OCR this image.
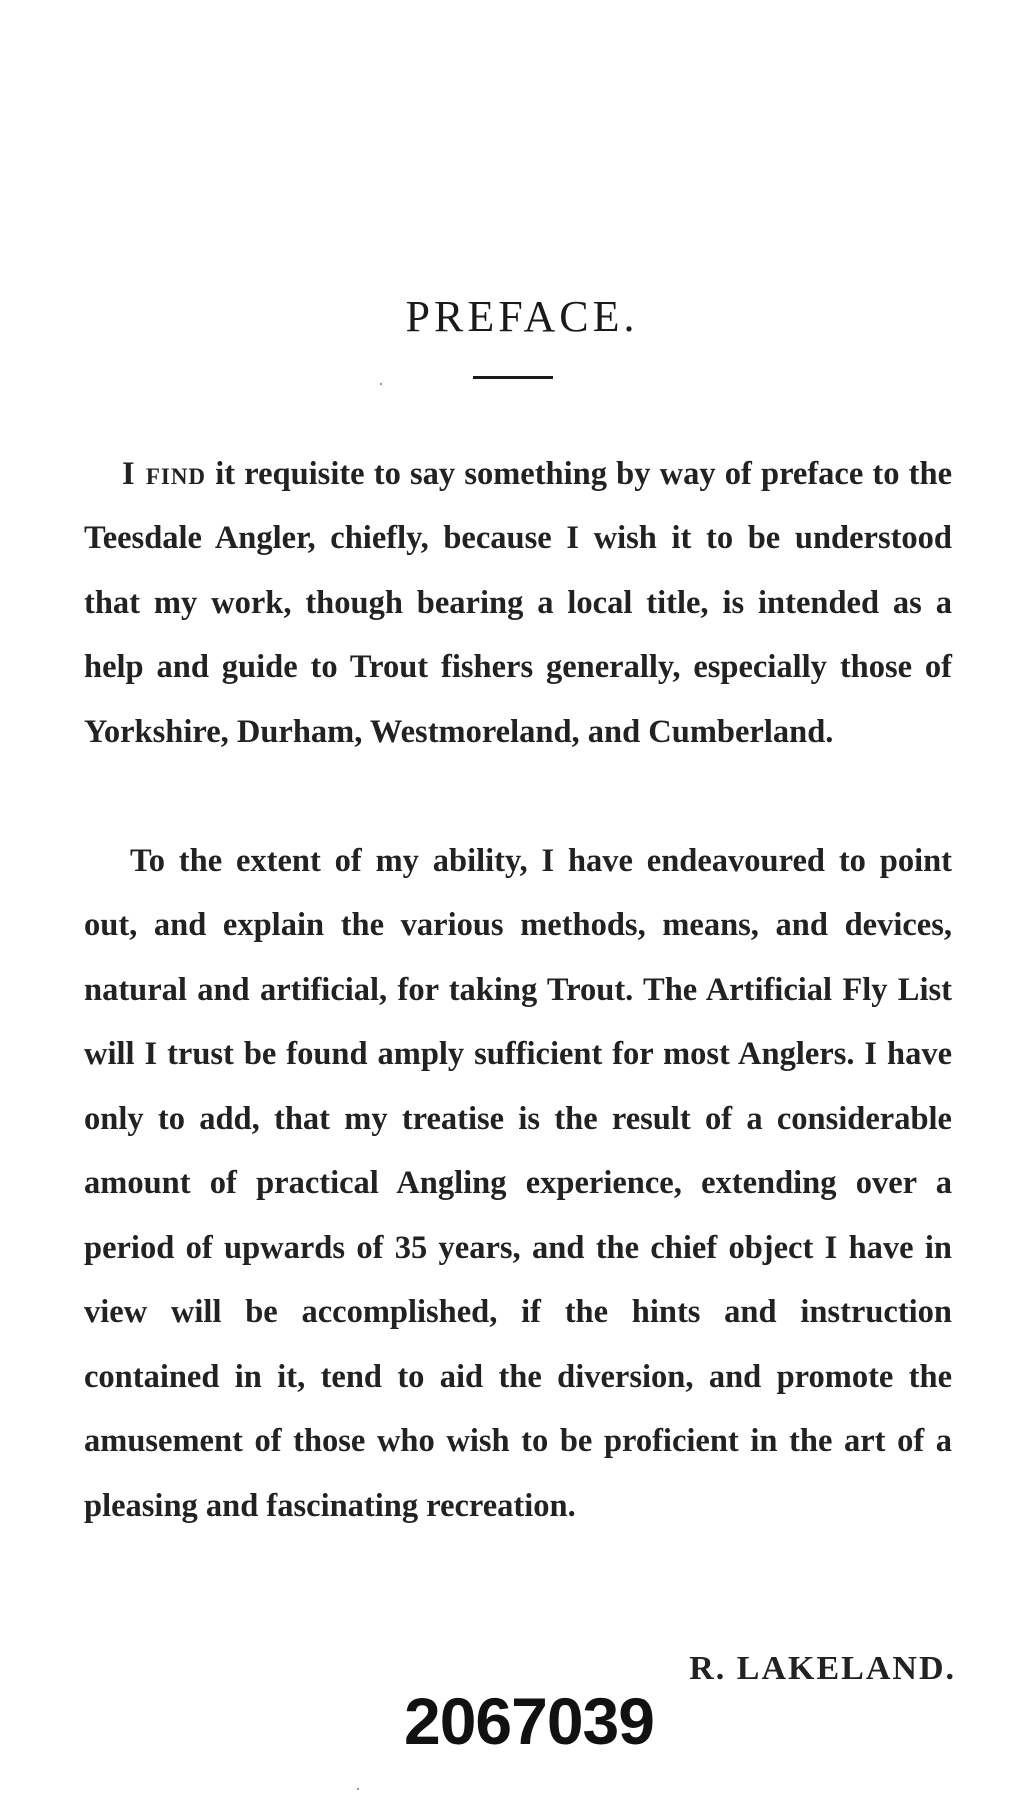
PREFACE.

I find it requisite to say something by way of preface to the Teesdale Angler, chiefly, because I wish it to be understood that my work, though bearing a local title, is intended as a help and guide to Trout fishers generally, especially those of Yorkshire, Durham, Westmoreland, and Cumberland.

To the extent of my ability, I have endeavoured to point out, and explain the various methods, means, and devices, natural and artificial, for taking Trout. The Artificial Fly List will I trust be found amply sufficient for most Anglers. I have only to add, that my treatise is the result of a considerable amount of practical Angling experience, extending over a period of upwards of 35 years, and the chief object I have in view will be accomplished, if the hints and instruction contained in it, tend to aid the diversion, and promote the amusement of those who wish to be proficient in the art of a pleasing and fascinating recreation.

R. LAKELAND.
2067039
